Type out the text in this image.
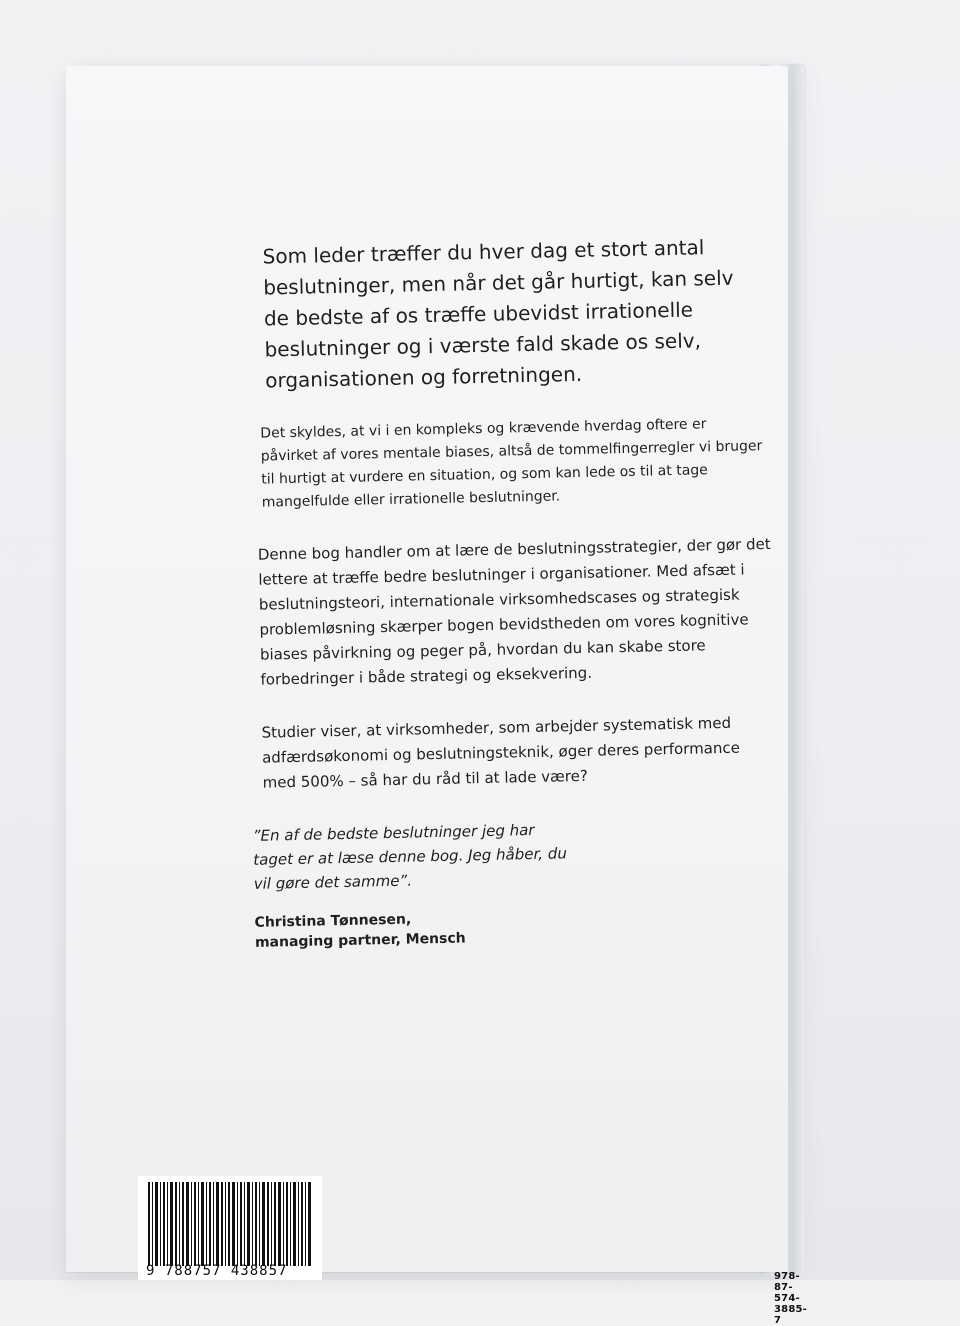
Som leder træffer du hver dag et stort antal beslutninger, men når det går hurtigt, kan selv de bedste af os træffe ubevidst irrationelle beslutninger og i værste fald skade os selv, organisationen og forretningen.

Det skyldes, at vi i en kompleks og krævende hverdag oftere er påvirket af vores mentale biases, altså de tommelfingerregler vi bruger til hurtigt at vurdere en situation, og som kan lede os til at tage mangelfulde eller irrationelle beslutninger.

Denne bog handler om at lære de beslutningsstrategier, der gør det lettere at træffe bedre beslutninger i organisationer. Med afsæt i beslutningsteori, internationale virksomhedscases og strategisk problemløsning skærper bogen bevidstheden om vores kognitive biases påvirkning og peger på, hvordan du kan skabe store forbedringer i både strategi og eksekvering.

Studier viser, at virksomheder, som arbejder systematisk med adfærdsøkonomi og beslutningsteknik, øger deres performance med 500% – så har du råd til at lade være?

”En af de bedste beslutninger jeg har taget er at læse denne bog. Jeg håber, du vil gøre det samme”.
Christina Tønnesen,
managing partner, Mensch
9 788757 438857	978-87-574-3885-7
